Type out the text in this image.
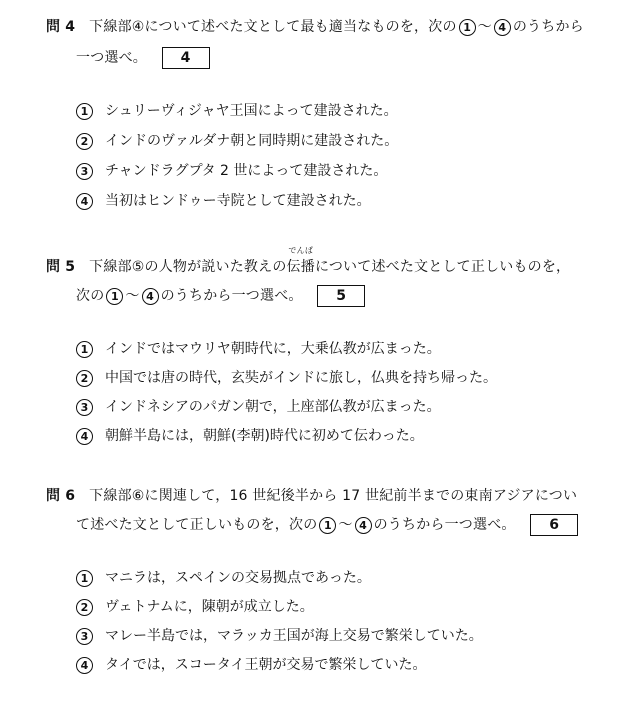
問 4 下線部④について述べた文として最も適当なものを，次の 1 〜 4 のうちから
一つ選べ。 4
1 シュリーヴィジャヤ王国によって建設された。
2 インドのヴァルダナ朝と同時期に建設された。
3 チャンドラグプタ 2 世によって建設された。
4 当初はヒンドゥー寺院として建設された。
問 5 下線部⑤の人物が説いた教えの
でんぱ
伝播について述べた文として正しいものを，
次の 1 〜 4 のうちから一つ選べ。 5
1 インドではマウリヤ朝時代に，大乗仏教が広まった。
2 中国では唐の時代，玄奘がインドに旅し，仏典を持ち帰った。
3 インドネシアのパガン朝で，上座部仏教が広まった。
4 朝鮮半島には，朝鮮(李朝)時代に初めて伝わった。
問 6 下線部⑥に関連して，16 世紀後半から 17 世紀前半までの東南アジアについ
て述べた文として正しいものを，次の 1 〜 4 のうちから一つ選べ。 6
1 マニラは，スペインの交易拠点であった。
2 ヴェトナムに，陳朝が成立した。
3 マレー半島では，マラッカ王国が海上交易で繁栄していた。
4 タイでは，スコータイ王朝が交易で繁栄していた。
